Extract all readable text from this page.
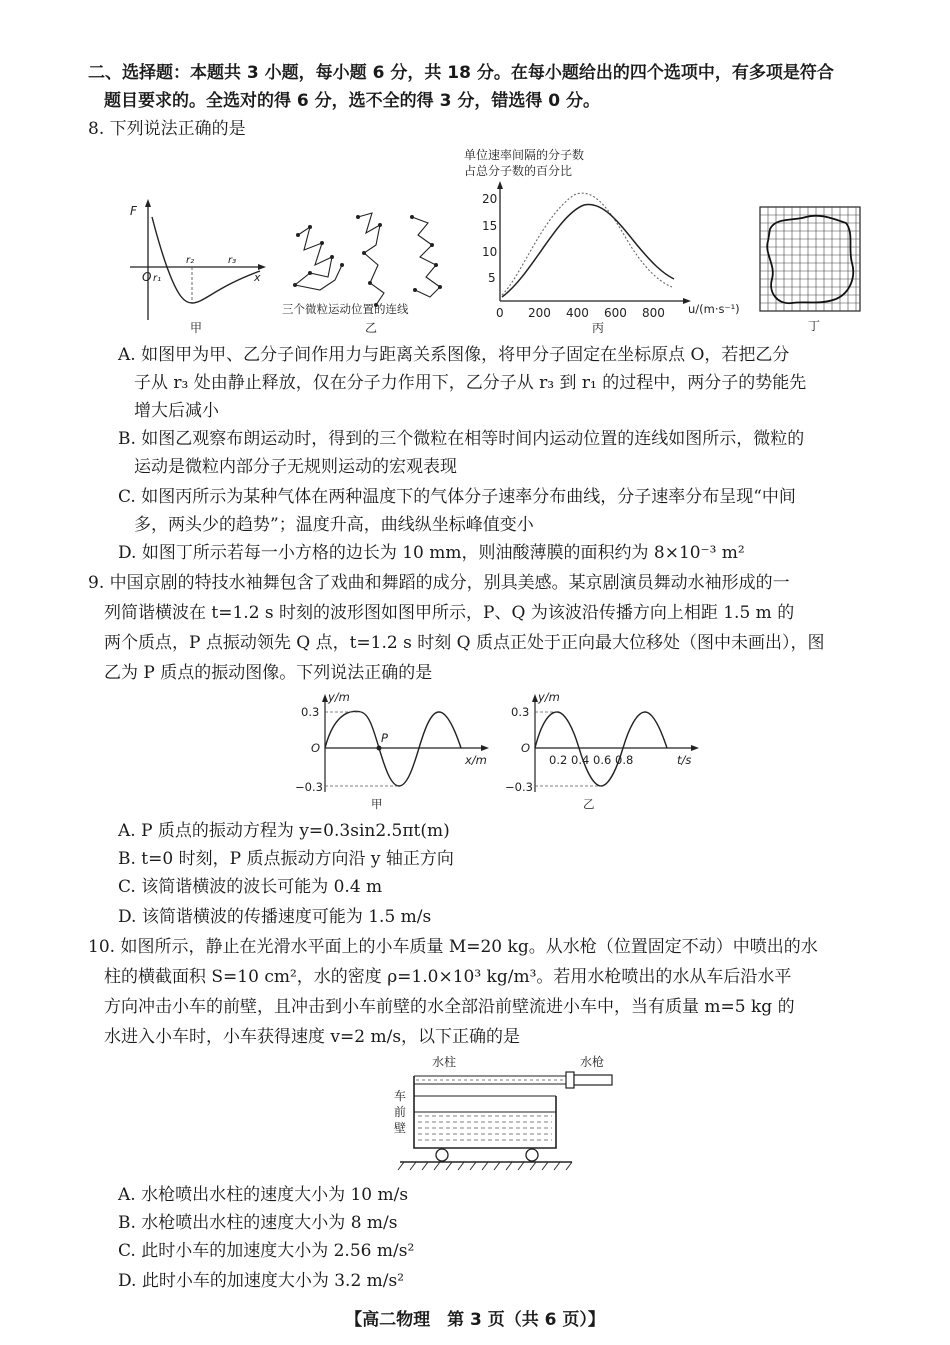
二、选择题：本题共 3 小题，每小题 6 分，共 18 分。在每小题给出的四个选项中，有多项是符合
题目要求的。全选对的得 6 分，选不全的得 3 分，错选得 0 分。
8. 下列说法正确的是
F
O r₁
r₂	r₃
x
甲
三个微粒运动位置的连线
乙
单位速率间隔的分子数
占总分子数的百分比
20
15
10
5
0 200 400 600 800 u/(m·s⁻¹)
丙	丁
A. 如图甲为甲、乙分子间作用力与距离关系图像，将甲分子固定在坐标原点 O，若把乙分
子从 r₃ 处由静止释放，仅在分子力作用下，乙分子从 r₃ 到 r₁ 的过程中，两分子的势能先
增大后减小
B. 如图乙观察布朗运动时，得到的三个微粒在相等时间内运动位置的连线如图所示，微粒的
运动是微粒内部分子无规则运动的宏观表现
C. 如图丙所示为某种气体在两种温度下的气体分子速率分布曲线，分子速率分布呈现“中间
多，两头少的趋势”；温度升高，曲线纵坐标峰值变小
D. 如图丁所示若每一小方格的边长为 10 mm，则油酸薄膜的面积约为 8×10⁻³ m²
9. 中国京剧的特技水袖舞包含了戏曲和舞蹈的成分，别具美感。某京剧演员舞动水袖形成的一
列简谐横波在 t=1.2 s 时刻的波形图如图甲所示，P、Q 为该波沿传播方向上相距 1.5 m 的
两个质点，P 点振动领先 Q 点，t=1.2 s 时刻 Q 质点正处于正向最大位移处（图中未画出），图
乙为 P 质点的振动图像。下列说法正确的是
y/m
0.3
O
−0.3
P
x/m
甲
y/m
0.3
O
−0.3
0.2 0.4 0.6 0.8	t/s
乙
A. P 质点的振动方程为 y=0.3sin2.5πt(m)
B. t=0 时刻，P 质点振动方向沿 y 轴正方向
C. 该简谐横波的波长可能为 0.4 m
D. 该简谐横波的传播速度可能为 1.5 m/s
10. 如图所示，静止在光滑水平面上的小车质量 M=20 kg。从水枪（位置固定不动）中喷出的水
柱的横截面积 S=10 cm²，水的密度 ρ=1.0×10³ kg/m³。若用水枪喷出的水从车后沿水平
方向冲击小车的前壁，且冲击到小车前壁的水全部沿前壁流进小车中，当有质量 m=5 kg 的
水进入小车时，小车获得速度 v=2 m/s，以下正确的是
水柱	水枪
车
前
壁
A. 水枪喷出水柱的速度大小为 10 m/s
B. 水枪喷出水柱的速度大小为 8 m/s
C. 此时小车的加速度大小为 2.56 m/s²
D. 此时小车的加速度大小为 3.2 m/s²
【高二物理　第 3 页（共 6 页）】
